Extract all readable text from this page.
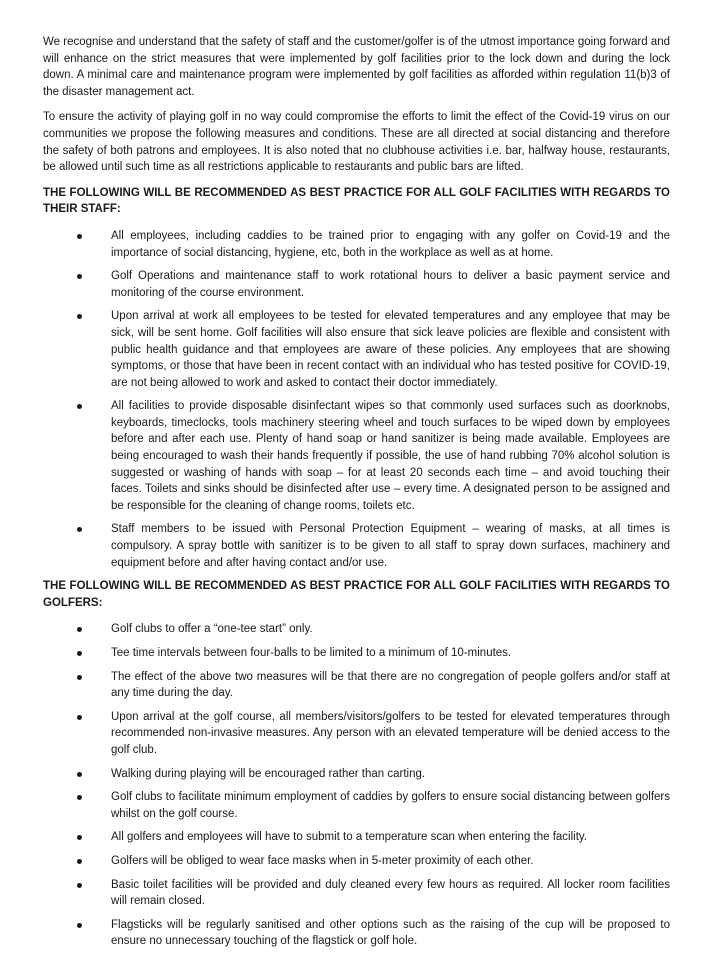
We recognise and understand that the safety of staff and the customer/golfer is of the utmost importance going forward and will enhance on the strict measures that were implemented by golf facilities prior to the lock down and during the lock down. A minimal care and maintenance program were implemented by golf facilities as afforded within regulation 11(b)3 of the disaster management act.

To ensure the activity of playing golf in no way could compromise the efforts to limit the effect of the Covid-19 virus on our communities we propose the following measures and conditions. These are all directed at social distancing and therefore the safety of both patrons and employees. It is also noted that no clubhouse activities i.e. bar, halfway house, restaurants, be allowed until such time as all restrictions applicable to restaurants and public bars are lifted.

THE FOLLOWING WILL BE RECOMMENDED AS BEST PRACTICE FOR ALL GOLF FACILITIES WITH REGARDS TO THEIR STAFF:
All employees, including caddies to be trained prior to engaging with any golfer on Covid-19 and the importance of social distancing, hygiene, etc, both in the workplace as well as at home.
Golf Operations and maintenance staff to work rotational hours to deliver a basic payment service and monitoring of the course environment.
Upon arrival at work all employees to be tested for elevated temperatures and any employee that may be sick, will be sent home. Golf facilities will also ensure that sick leave policies are flexible and consistent with public health guidance and that employees are aware of these policies. Any employees that are showing symptoms, or those that have been in recent contact with an individual who has tested positive for COVID-19, are not being allowed to work and asked to contact their doctor immediately.
All facilities to provide disposable disinfectant wipes so that commonly used surfaces such as doorknobs, keyboards, timeclocks, tools machinery steering wheel and touch surfaces to be wiped down by employees before and after each use. Plenty of hand soap or hand sanitizer is being made available. Employees are being encouraged to wash their hands frequently if possible, the use of hand rubbing 70% alcohol solution is suggested or washing of hands with soap – for at least 20 seconds each time – and avoid touching their faces. Toilets and sinks should be disinfected after use – every time. A designated person to be assigned and be responsible for the cleaning of change rooms, toilets etc.
Staff members to be issued with Personal Protection Equipment – wearing of masks, at all times is compulsory. A spray bottle with sanitizer is to be given to all staff to spray down surfaces, machinery and equipment before and after having contact and/or use.
THE FOLLOWING WILL BE RECOMMENDED AS BEST PRACTICE FOR ALL GOLF FACILITIES WITH REGARDS TO GOLFERS:
Golf clubs to offer a “one-tee start” only.
Tee time intervals between four-balls to be limited to a minimum of 10-minutes.
The effect of the above two measures will be that there are no congregation of people golfers and/or staff at any time during the day.
Upon arrival at the golf course, all members/visitors/golfers to be tested for elevated temperatures through recommended non-invasive measures. Any person with an elevated temperature will be denied access to the golf club.
Walking during playing will be encouraged rather than carting.
Golf clubs to facilitate minimum employment of caddies by golfers to ensure social distancing between golfers whilst on the golf course.
All golfers and employees will have to submit to a temperature scan when entering the facility.
Golfers will be obliged to wear face masks when in 5-meter proximity of each other.
Basic toilet facilities will be provided and duly cleaned every few hours as required. All locker room facilities will remain closed.
Flagsticks will be regularly sanitised and other options such as the raising of the cup will be proposed to ensure no unnecessary touching of the flagstick or golf hole.
